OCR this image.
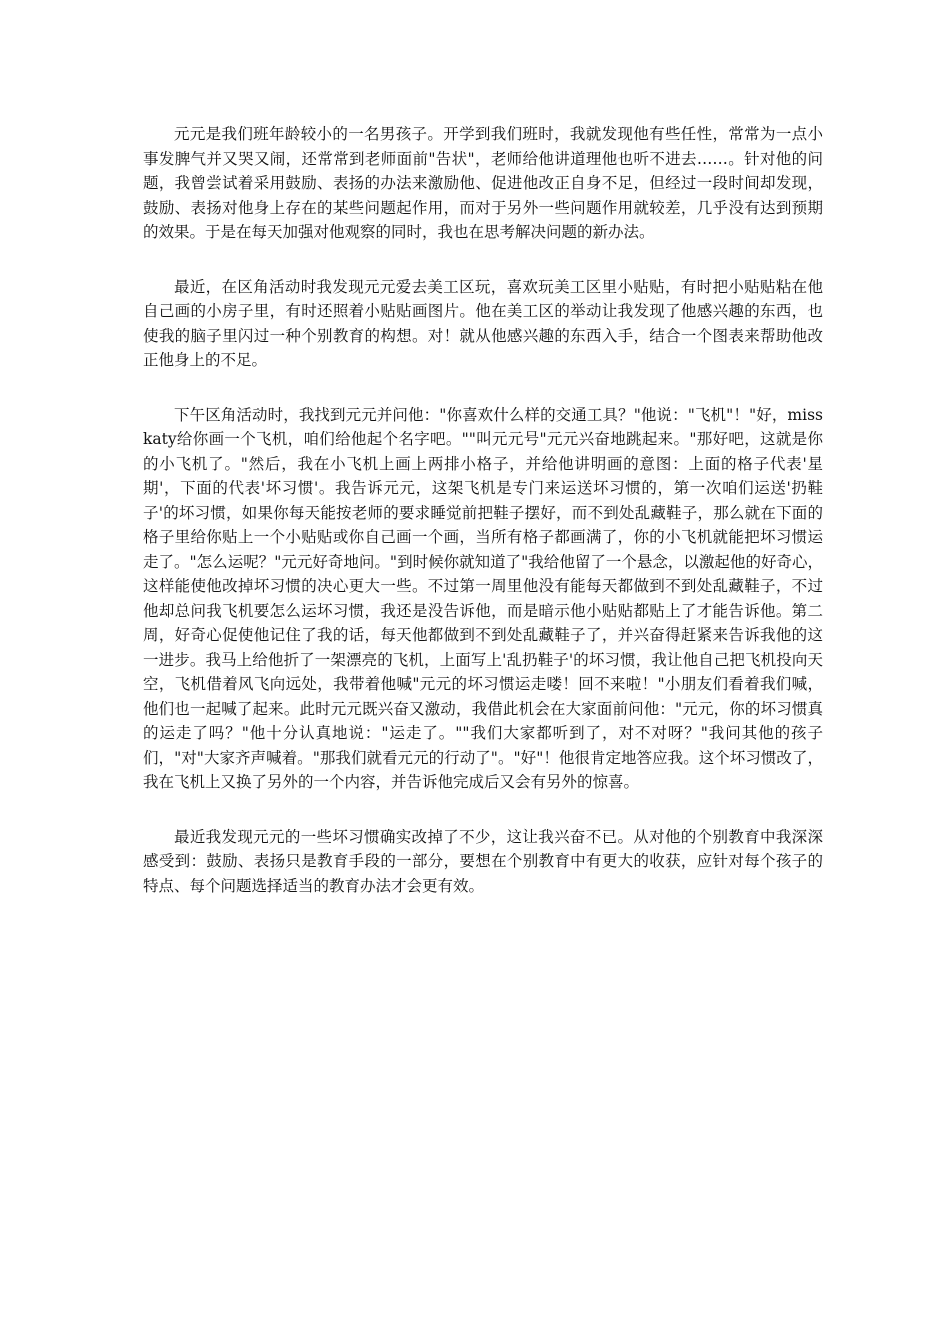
元元是我们班年龄较小的一名男孩子。开学到我们班时，我就发现他有些任性，常常为一点小事发脾气并又哭又闹，还常常到老师面前"告状"，老师给他讲道理他也听不进去……。针对他的问题，我曾尝试着采用鼓励、表扬的办法来激励他、促进他改正自身不足，但经过一段时间却发现，鼓励、表扬对他身上存在的某些问题起作用，而对于另外一些问题作用就较差，几乎没有达到预期的效果。于是在每天加强对他观察的同时，我也在思考解决问题的新办法。

最近，在区角活动时我发现元元爱去美工区玩，喜欢玩美工区里小贴贴，有时把小贴贴粘在他自己画的小房子里，有时还照着小贴贴画图片。他在美工区的举动让我发现了他感兴趣的东西，也使我的脑子里闪过一种个别教育的构想。对！就从他感兴趣的东西入手，结合一个图表来帮助他改正他身上的不足。

下午区角活动时，我找到元元并问他："你喜欢什么样的交通工具？"他说："飞机"！"好，misskaty给你画一个飞机，咱们给他起个名字吧。""叫元元号"元元兴奋地跳起来。"那好吧，这就是你的小飞机了。"然后，我在小飞机上画上两排小格子，并给他讲明画的意图：上面的格子代表'星期'，下面的代表'坏习惯'。我告诉元元，这架飞机是专门来运送坏习惯的，第一次咱们运送'扔鞋子'的坏习惯，如果你每天能按老师的要求睡觉前把鞋子摆好，而不到处乱藏鞋子，那么就在下面的格子里给你贴上一个小贴贴或你自己画一个画，当所有格子都画满了，你的小飞机就能把坏习惯运走了。"怎么运呢？"元元好奇地问。"到时候你就知道了"我给他留了一个悬念，以激起他的好奇心，这样能使他改掉坏习惯的决心更大一些。不过第一周里他没有能每天都做到不到处乱藏鞋子，不过他却总问我飞机要怎么运坏习惯，我还是没告诉他，而是暗示他小贴贴都贴上了才能告诉他。第二周，好奇心促使他记住了我的话，每天他都做到不到处乱藏鞋子了，并兴奋得赶紧来告诉我他的这一进步。我马上给他折了一架漂亮的飞机，上面写上'乱扔鞋子'的坏习惯，我让他自己把飞机投向天空，飞机借着风飞向远处，我带着他喊"元元的坏习惯运走喽！回不来啦！"小朋友们看着我们喊，他们也一起喊了起来。此时元元既兴奋又激动，我借此机会在大家面前问他："元元，你的坏习惯真的运走了吗？"他十分认真地说："运走了。""我们大家都听到了，对不对呀？"我问其他的孩子们，"对"大家齐声喊着。"那我们就看元元的行动了"。"好"！他很肯定地答应我。这个坏习惯改了，我在飞机上又换了另外的一个内容，并告诉他完成后又会有另外的惊喜。

最近我发现元元的一些坏习惯确实改掉了不少，这让我兴奋不已。从对他的个别教育中我深深感受到：鼓励、表扬只是教育手段的一部分，要想在个别教育中有更大的收获，应针对每个孩子的特点、每个问题选择适当的教育办法才会更有效。
